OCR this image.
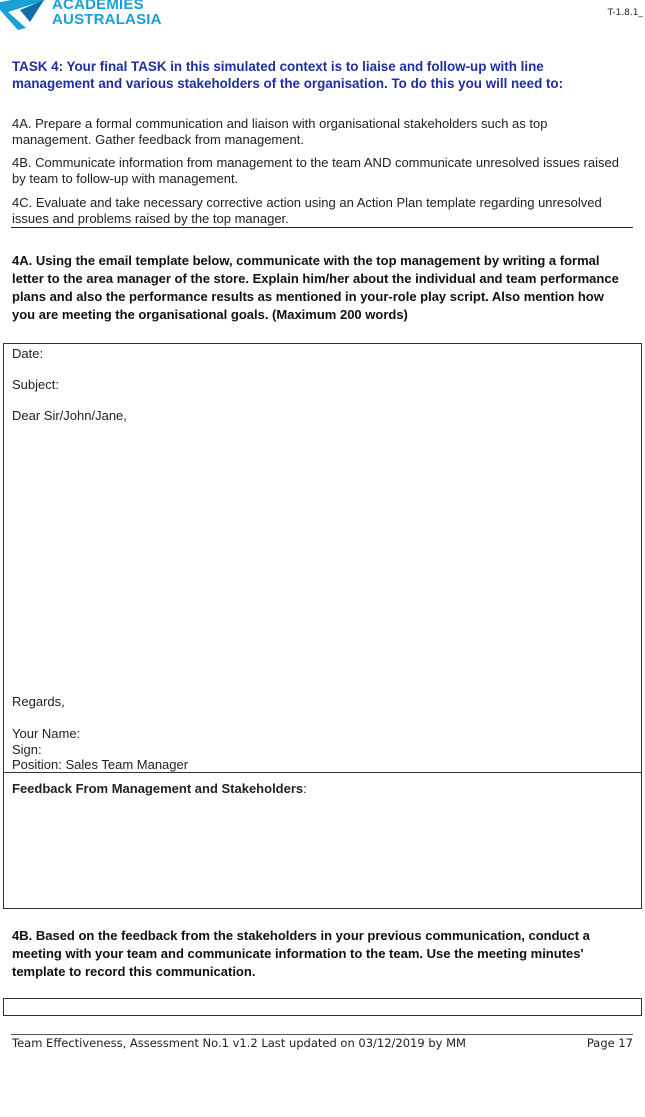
ACADEMIES
AUSTRALASIA	T-1.8.1_
TASK 4: Your final TASK in this simulated context is to liaise and follow-up with line management and various stakeholders of the organisation. To do this you will need to:
4A. Prepare a formal communication and liaison with organisational stakeholders such as top management. Gather feedback from management.
4B. Communicate information from management to the team AND communicate unresolved issues raised by team to follow-up with management.
4C. Evaluate and take necessary corrective action using an Action Plan template regarding unresolved issues and problems raised by the top manager.
4A. Using the email template below, communicate with the top management by writing a formal letter to the area manager of the store. Explain him/her about the individual and team performance plans and also the performance results as mentioned in your-role play script. Also mention how you are meeting the organisational goals. (Maximum 200 words)
Date:
Subject:
Dear Sir/John/Jane,
Regards,
Your Name:
Sign:
Position: Sales Team Manager
Feedback From Management and Stakeholders:
4B. Based on the feedback from the stakeholders in your previous communication, conduct a meeting with your team and communicate information to the team. Use the meeting minutes' template to record this communication.
Team Effectiveness, Assessment No.1 v1.2 Last updated on 03/12/2019 by MM	Page 17
